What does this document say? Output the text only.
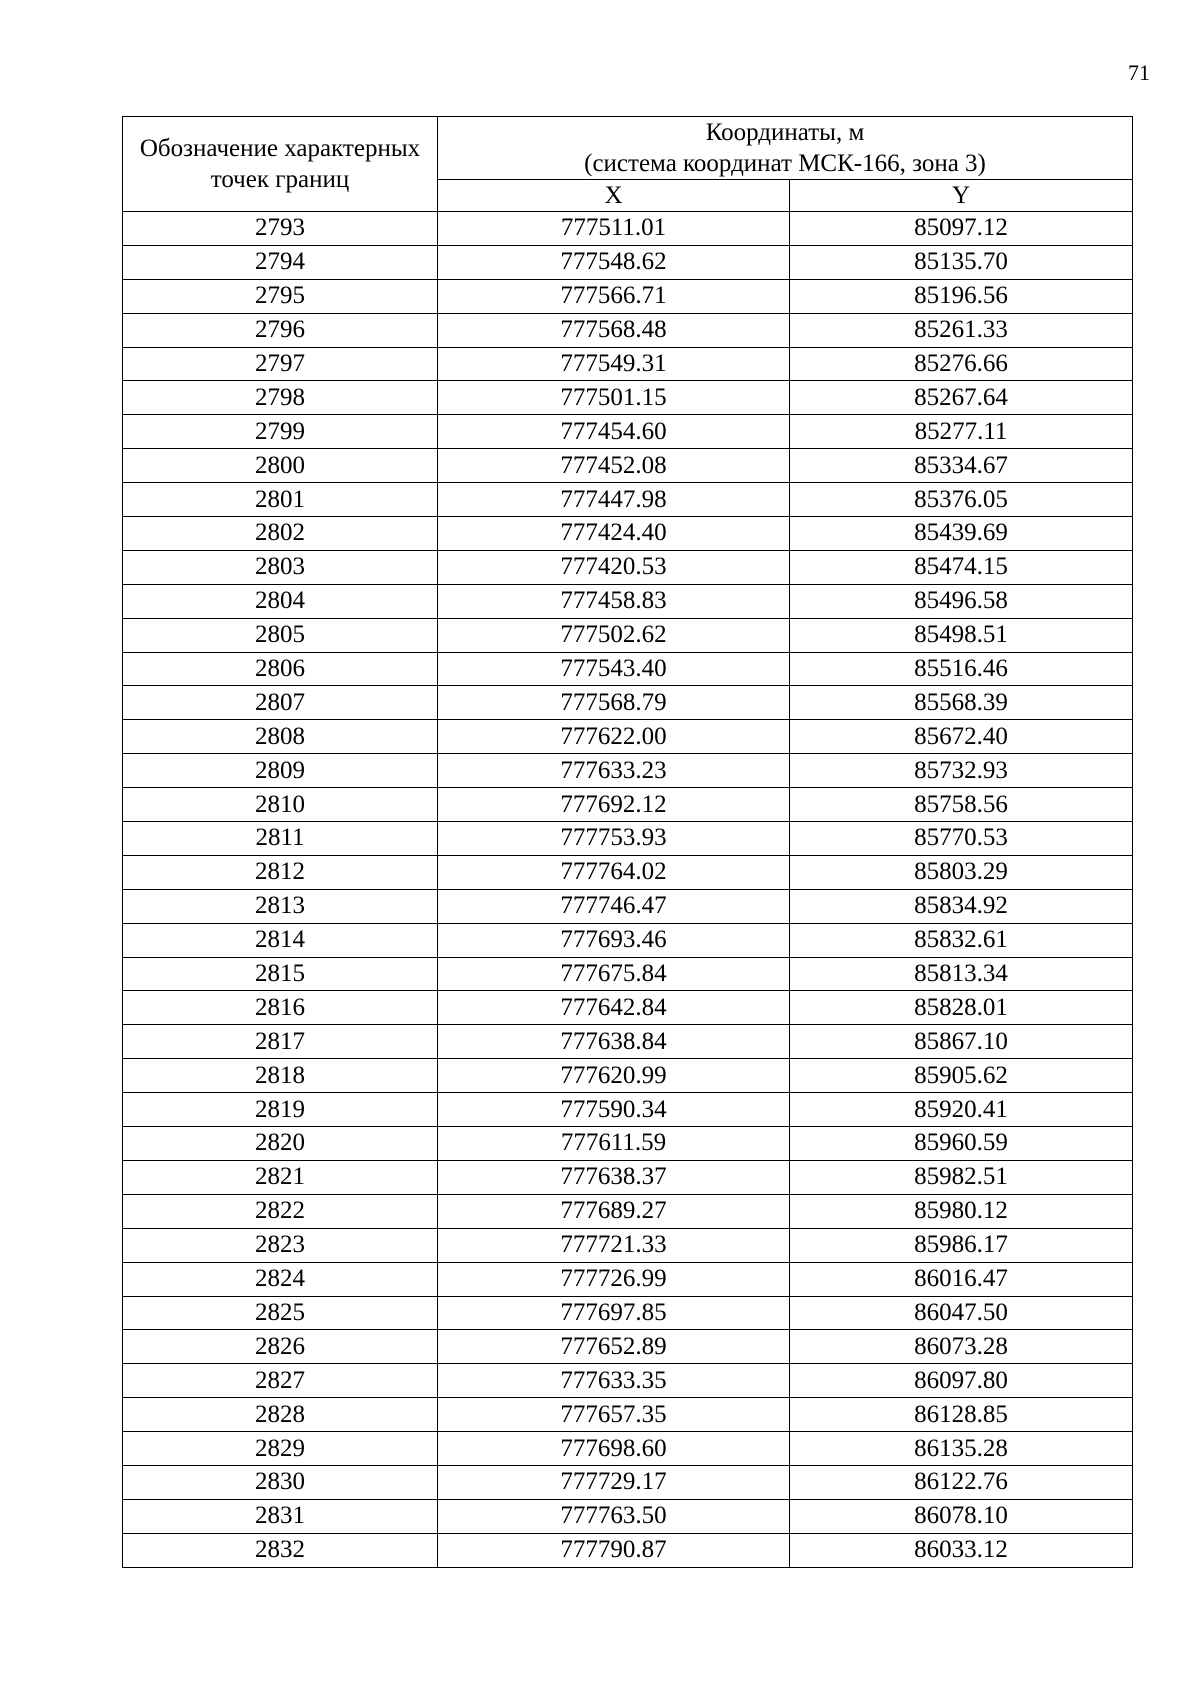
71
Обозначение характерных точек границ	Координаты, м
(система координат МСК-166, зона 3)	

	X	Y
2793	777511.01	85097.12
2794	777548.62	85135.70
2795	777566.71	85196.56
2796	777568.48	85261.33
2797	777549.31	85276.66
2798	777501.15	85267.64
2799	777454.60	85277.11
2800	777452.08	85334.67
2801	777447.98	85376.05
2802	777424.40	85439.69
2803	777420.53	85474.15
2804	777458.83	85496.58
2805	777502.62	85498.51
2806	777543.40	85516.46
2807	777568.79	85568.39
2808	777622.00	85672.40
2809	777633.23	85732.93
2810	777692.12	85758.56
2811	777753.93	85770.53
2812	777764.02	85803.29
2813	777746.47	85834.92
2814	777693.46	85832.61
2815	777675.84	85813.34
2816	777642.84	85828.01
2817	777638.84	85867.10
2818	777620.99	85905.62
2819	777590.34	85920.41
2820	777611.59	85960.59
2821	777638.37	85982.51
2822	777689.27	85980.12
2823	777721.33	85986.17
2824	777726.99	86016.47
2825	777697.85	86047.50
2826	777652.89	86073.28
2827	777633.35	86097.80
2828	777657.35	86128.85
2829	777698.60	86135.28
2830	777729.17	86122.76
2831	777763.50	86078.10
2832	777790.87	86033.12
